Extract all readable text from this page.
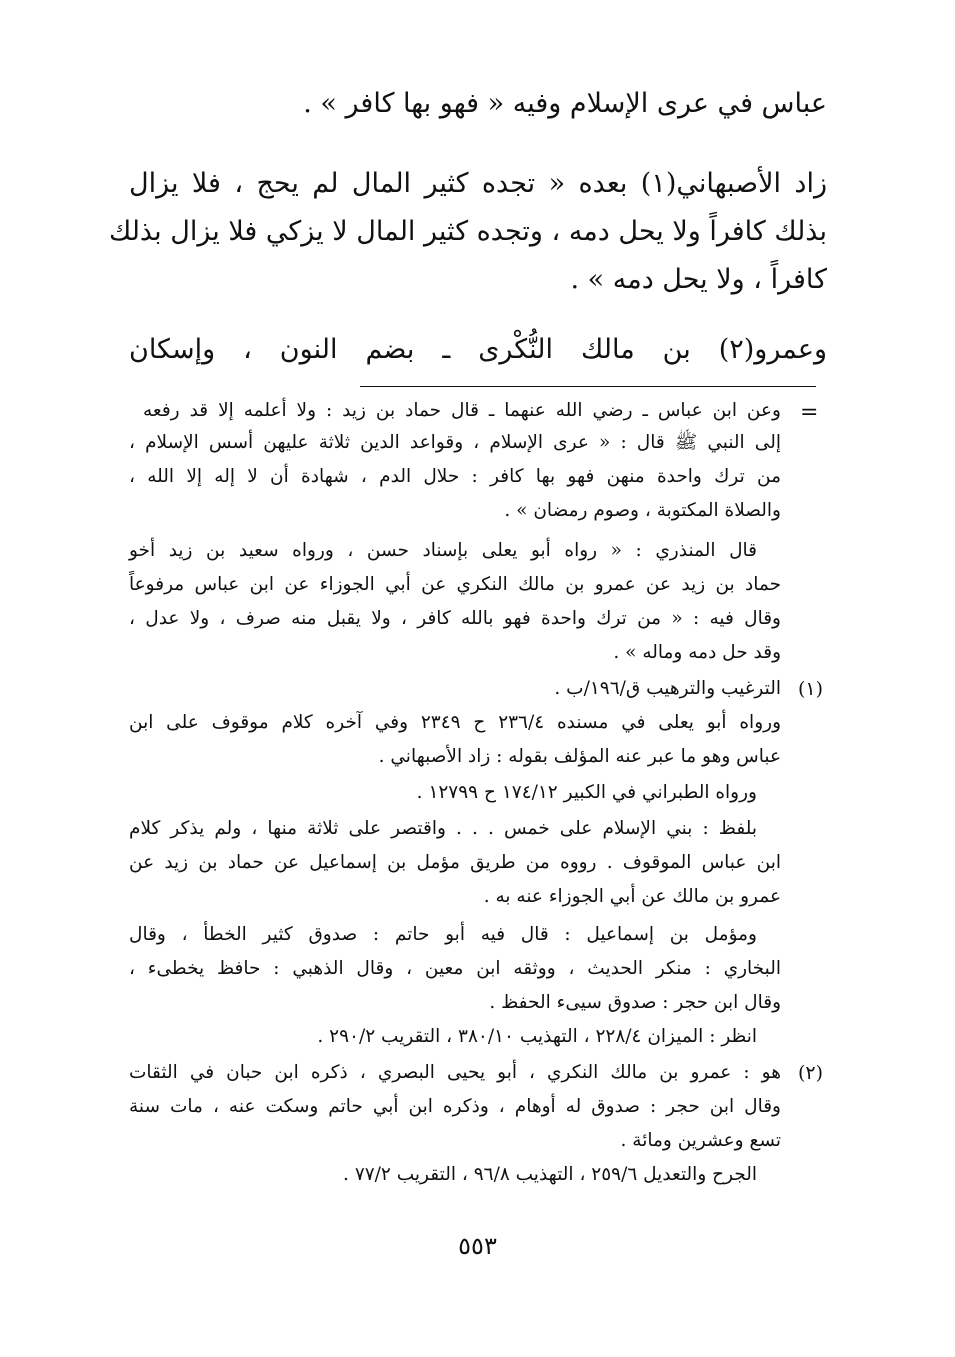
عباس في عرى الإسلام وفيه « فهو بها كافر » .
زاد الأصبهاني(١) بعده « تجده كثير المال لم يحج ، فلا يزال
بذلك كافراً ولا يحل دمه ، وتجده كثير المال لا يزكي فلا يزال بذلك
كافراً ، ولا يحل دمه » .
وعمرو(٢) بن مالك النُّكْرى ـ بضم النون ، وإسكان
=
وعن ابن عباس ـ رضي الله عنهما ـ قال حماد بن زيد : ولا أعلمه إلا قد رفعه
إلى النبي ﷺ قال : « عرى الإسلام ، وقواعد الدين ثلاثة عليهن أسس الإسلام ،
من ترك واحدة منهن فهو بها كافر : حلال الدم ، شهادة أن لا إله إلا الله ،
والصلاة المكتوبة ، وصوم رمضان » .
قال المنذري : « رواه أبو يعلى بإسناد حسن ، ورواه سعيد بن زيد أخو
حماد بن زيد عن عمرو بن مالك النكري عن أبي الجوزاء عن ابن عباس مرفوعاً
وقال فيه : « من ترك واحدة فهو بالله كافر ، ولا يقبل منه صرف ، ولا عدل ،
وقد حل دمه وماله » .
(١)
الترغيب والترهيب ق/١٩٦/ب .
ورواه أبو يعلى في مسنده ٢٣٦/٤ ح ٢٣٤٩ وفي آخره كلام موقوف على ابن
عباس وهو ما عبر عنه المؤلف بقوله : زاد الأصبهاني .
ورواه الطبراني في الكبير ١٧٤/١٢ ح ١٢٧٩٩ .
بلفظ : بني الإسلام على خمس . . . واقتصر على ثلاثة منها ، ولم يذكر كلام
ابن عباس الموقوف . رووه من طريق مؤمل بن إسماعيل عن حماد بن زيد عن
عمرو بن مالك عن أبي الجوزاء عنه به .
ومؤمل بن إسماعيل : قال فيه أبو حاتم : صدوق كثير الخطأ ، وقال
البخاري : منكر الحديث ، ووثقه ابن معين ، وقال الذهبي : حافظ يخطىء ،
وقال ابن حجر : صدوق سيىء الحفظ .
انظر : الميزان ٢٢٨/٤ ، التهذيب ٣٨٠/١٠ ، التقريب ٢٩٠/٢ .
(٢)
هو : عمرو بن مالك النكري ، أبو يحيى البصري ، ذكره ابن حبان في الثقات
وقال ابن حجر : صدوق له أوهام ، وذكره ابن أبي حاتم وسكت عنه ، مات سنة
تسع وعشرين ومائة .
الجرح والتعديل ٢٥٩/٦ ، التهذيب ٩٦/٨ ، التقريب ٧٧/٢ .
٥٥٣
